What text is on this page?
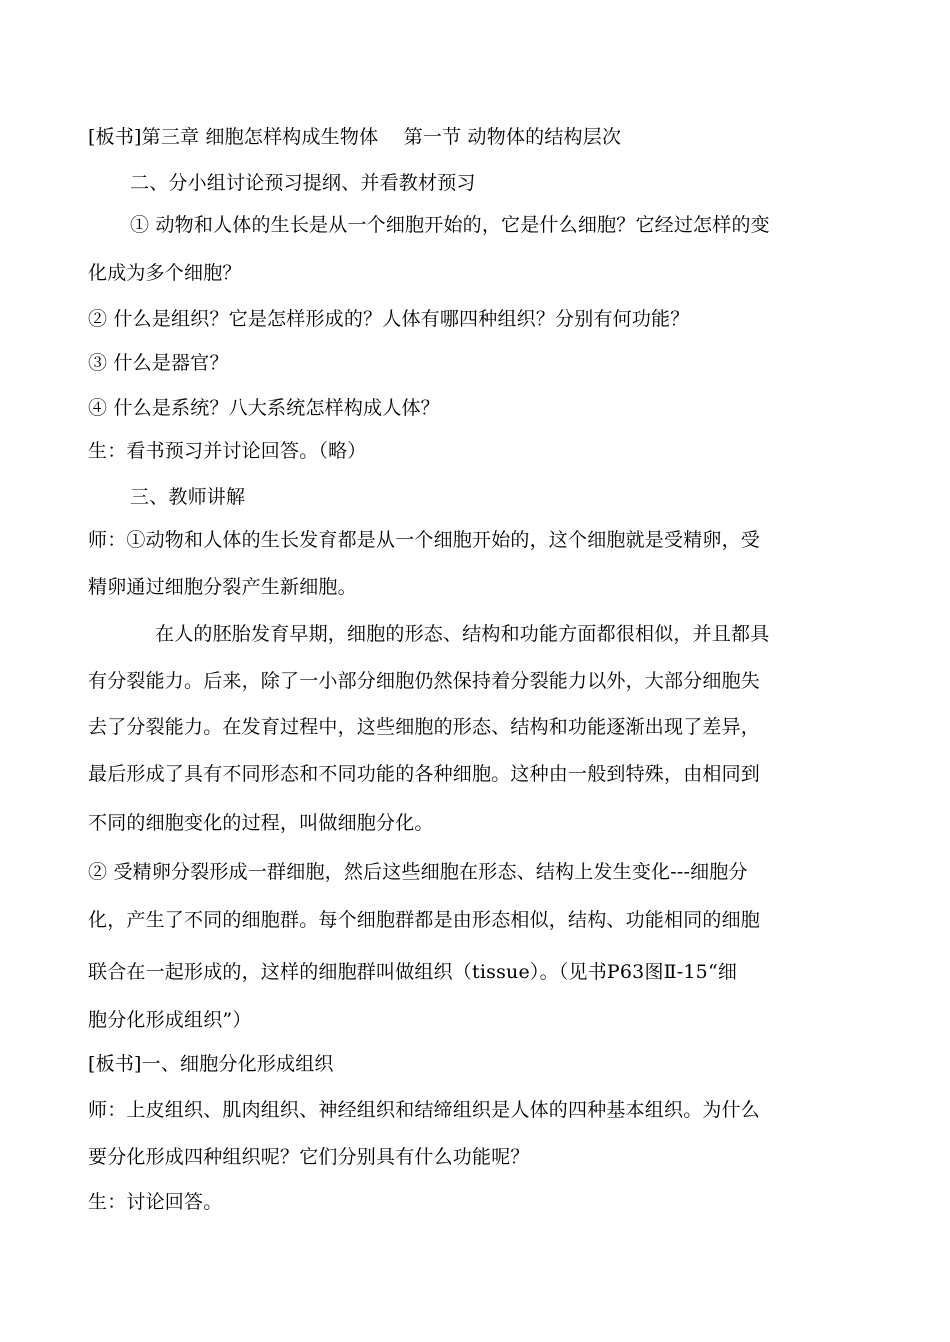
[板书]第三章 细胞怎样构成生物体　 第一节 动物体的结构层次
二、分小组讨论预习提纲、并看教材预习
① 动物和人体的生长是从一个细胞开始的，它是什么细胞？它经过怎样的变
化成为多个细胞？
② 什么是组织？它是怎样形成的？人体有哪四种组织？分别有何功能？
③ 什么是器官？
④ 什么是系统？八大系统怎样构成人体？
生：看书预习并讨论回答。（略）
三、教师讲解
师：①动物和人体的生长发育都是从一个细胞开始的，这个细胞就是受精卵，受
精卵通过细胞分裂产生新细胞。
在人的胚胎发育早期，细胞的形态、结构和功能方面都很相似，并且都具
有分裂能力。后来，除了一小部分细胞仍然保持着分裂能力以外，大部分细胞失
去了分裂能力。在发育过程中，这些细胞的形态、结构和功能逐渐出现了差异，
最后形成了具有不同形态和不同功能的各种细胞。这种由一般到特殊，由相同到
不同的细胞变化的过程，叫做细胞分化。
② 受精卵分裂形成一群细胞，然后这些细胞在形态、结构上发生变化---细胞分
化，产生了不同的细胞群。每个细胞群都是由形态相似，结构、功能相同的细胞
联合在一起形成的，这样的细胞群叫做组织（tissue）。（见书P63图Ⅱ-15“细
胞分化形成组织”）
[板书]一、细胞分化形成组织
师：上皮组织、肌肉组织、神经组织和结缔组织是人体的四种基本组织。为什么
要分化形成四种组织呢？它们分别具有什么功能呢？
生：讨论回答。
